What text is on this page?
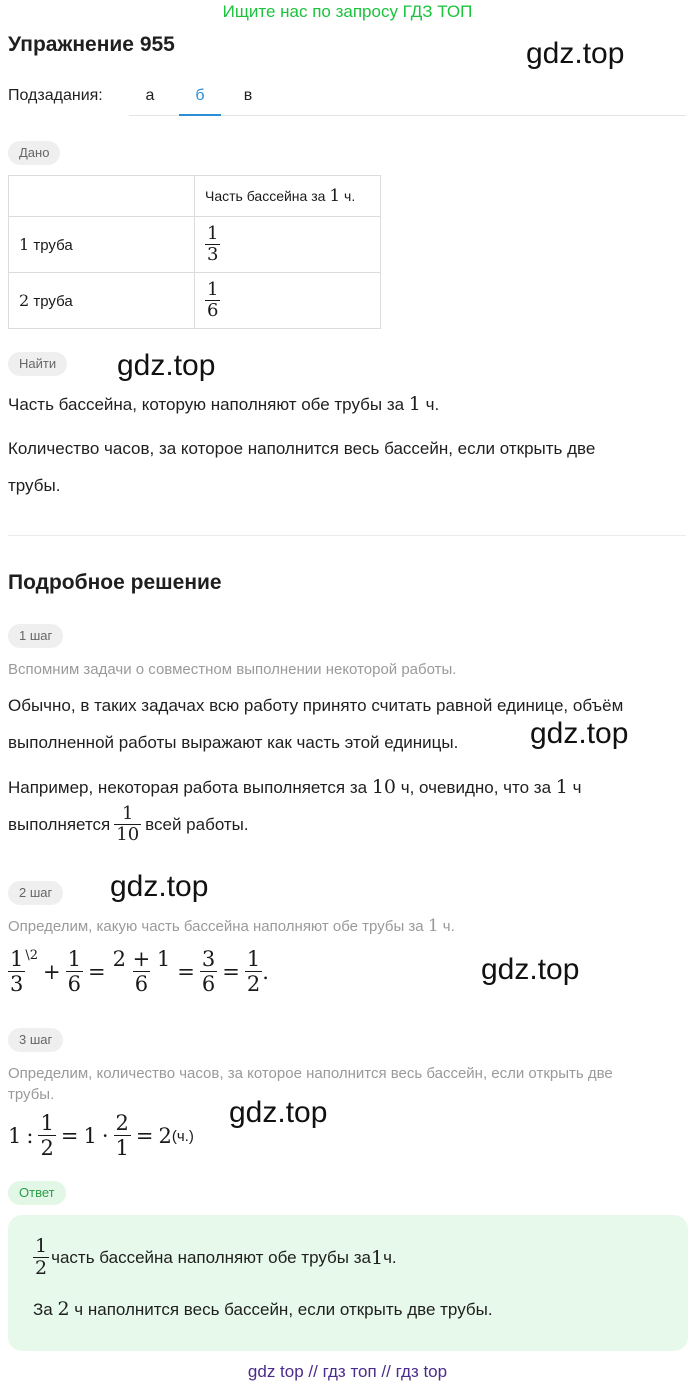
Ищите нас по запросу ГДЗ ТОП
Упражнение 955	gdz.top
Подзадания:	а	б	в
Дано
	Часть бассейна за 1 ч.
1 труба	$\frac{1}{3}$

2 труба	$\frac{1}{6}$
Найти	gdz.top
Часть бассейна, которую наполняют обе трубы за 1 ч.
Количество часов, за которое наполнится весь бассейн, если открыть две
трубы.
Подробное решение
1 шаг
Вспомним задачи о совместном выполнении некоторой работы.
Обычно, в таких задачах всю работу принято считать равной единице, объём
выполненной работы выражают как часть этой единицы. gdz.top
Например, некоторая работа выполняется за 10 ч, очевидно, что за 1 ч
выполняется $\frac{1}{10}$ всей работы.
2 шаг	gdz.top
Определим, какую часть бассейна наполняют обе трубы за 1 ч.
$\frac{1}{3}$ \2
+ $\frac{1}{6} = \frac{2 + 1}{6} = \frac{3}{6} = \frac{1}{2}$ .	gdz.top
3 шаг
Определим, количество часов, за которое наполнится весь бассейн, если открыть две
трубы.
gdz.top
1 : $\frac{1}{2} = 1 \cdot \frac{2}{1} = 2$ (ч.)
Ответ
$\frac{1}{2}$ часть бассейна наполняют обе трубы за 1 ч.
За 2 ч наполнится весь бассейн, если открыть две трубы.
gdz top // гдз топ // гдз top
